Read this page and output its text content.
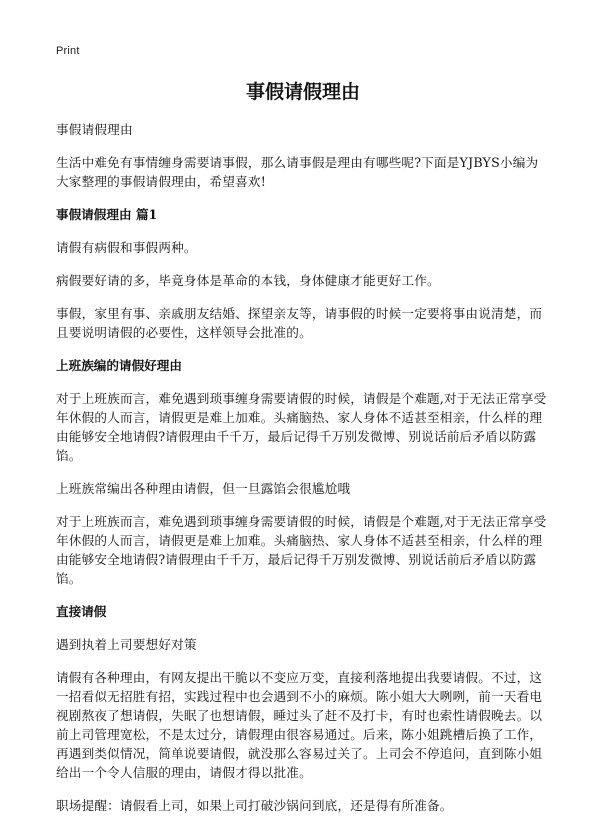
Print

事假请假理由

事假请假理由

生活中难免有事情缠身需要请事假，那么请事假是理由有哪些呢?下面是YJBYS小编为大家整理的事假请假理由，希望喜欢!

事假请假理由 篇1

请假有病假和事假两种。

病假要好请的多，毕竟身体是革命的本钱，身体健康才能更好工作。

事假，家里有事、亲戚朋友结婚、探望亲友等，请事假的时候一定要将事由说清楚，而且要说明请假的必要性，这样领导会批准的。

上班族编的请假好理由

对于上班族而言，难免遇到琐事缠身需要请假的时候，请假是个难题,对于无法正常享受年休假的人而言，请假更是难上加难。头痛脑热、家人身体不适甚至相亲，什么样的理由能够安全地请假?请假理由千千万，最后记得千万别发微博、别说话前后矛盾以防露馅。

上班族常编出各种理由请假，但一旦露馅会很尴尬哦

对于上班族而言，难免遇到琐事缠身需要请假的时候，请假是个难题,对于无法正常享受年休假的人而言，请假更是难上加难。头痛脑热、家人身体不适甚至相亲，什么样的理由能够安全地请假?请假理由千千万，最后记得千万别发微博、别说话前后矛盾以防露馅。

直接请假

遇到执着上司要想好对策

请假有各种理由，有网友提出干脆以不变应万变，直接利落地提出我要请假。不过，这一招看似无招胜有招，实践过程中也会遇到不小的麻烦。陈小姐大大咧咧，前一天看电视剧熬夜了想请假，失眠了也想请假，睡过头了赶不及打卡，有时也索性请假晚去。以前上司管理宽松，不是太过分，请假理由很容易通过。后来，陈小姐跳槽后换了工作，再遇到类似情况，简单说要请假，就没那么容易过关了。上司会不停追问，直到陈小姐给出一个令人信服的理由，请假才得以批准。

职场提醒：请假看上司，如果上司打破沙锅问到底，还是得有所准备。
